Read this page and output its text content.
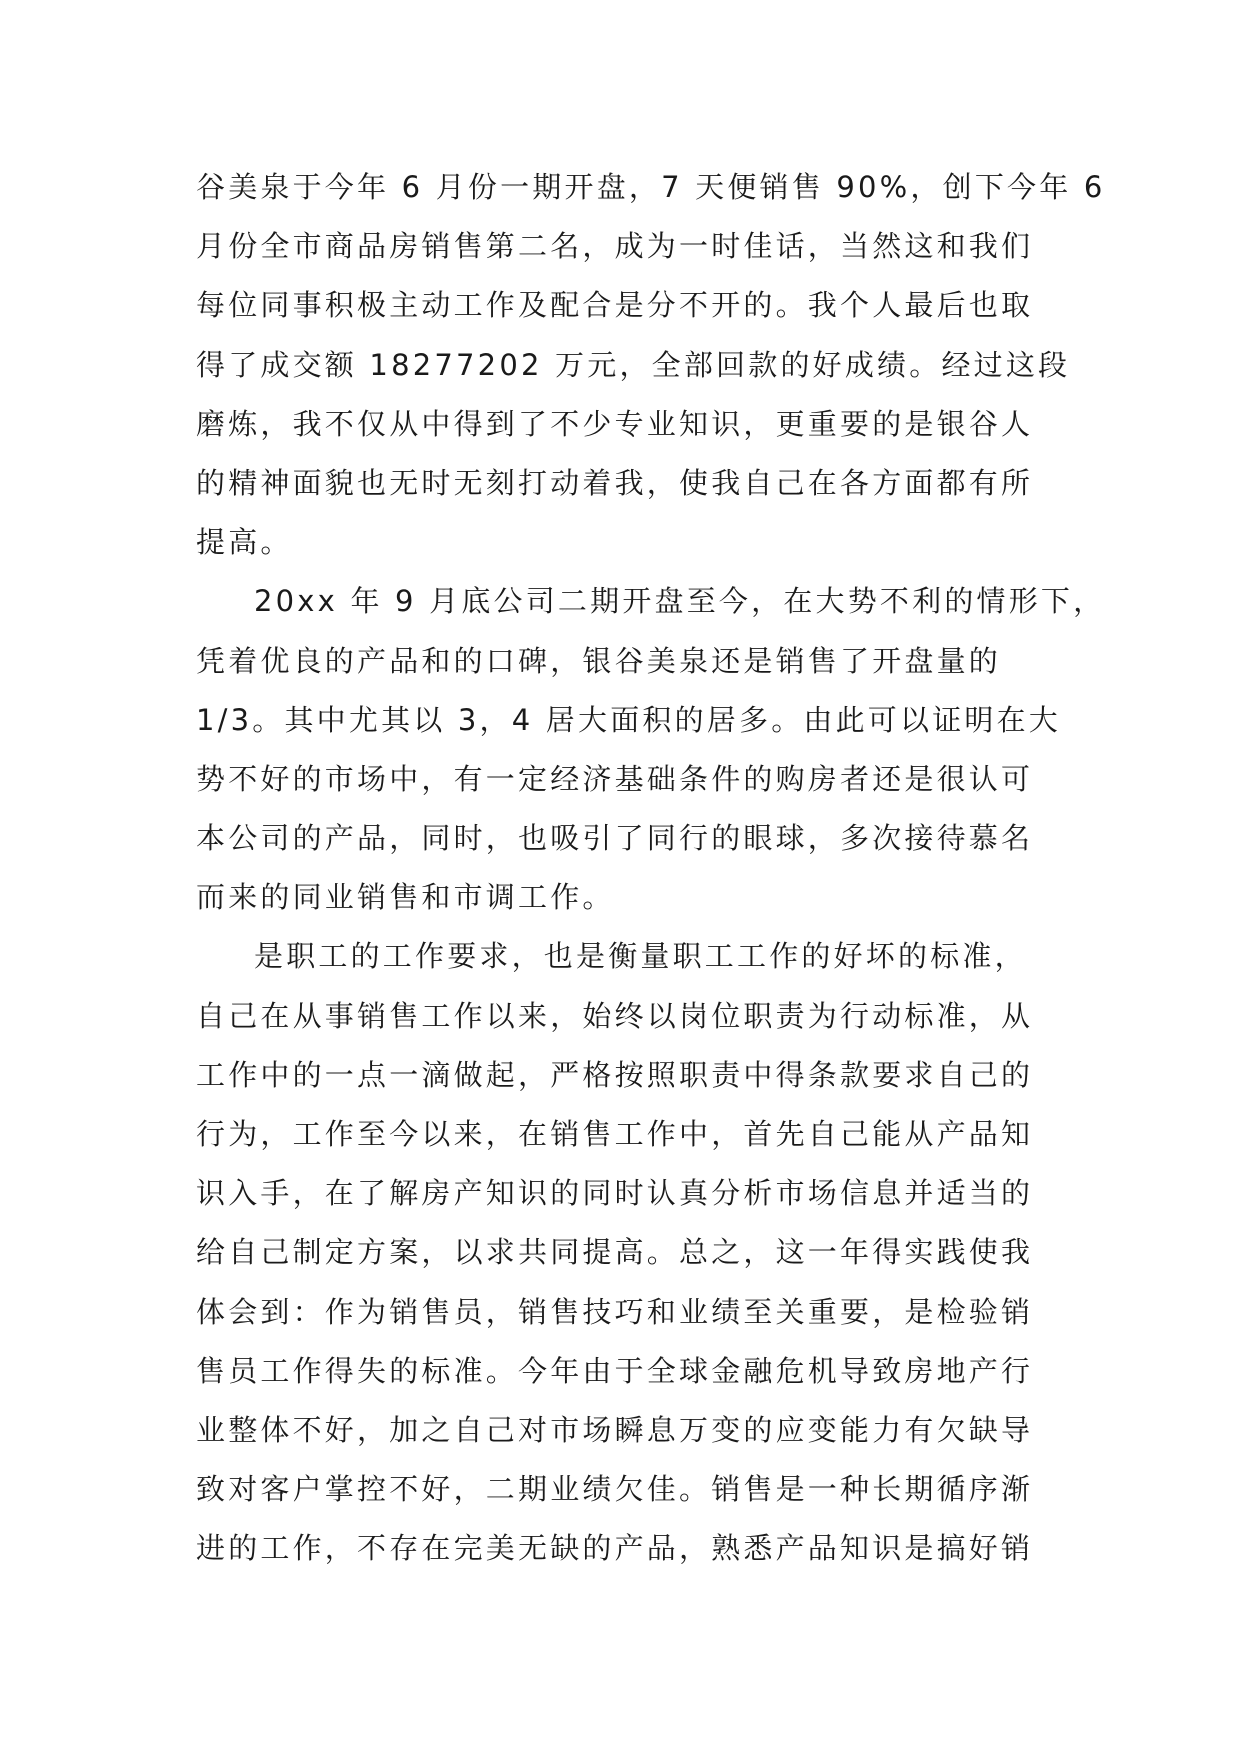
谷美泉于今年 6 月份一期开盘，7 天便销售 90%，创下今年 6
月份全市商品房销售第二名，成为一时佳话，当然这和我们
每位同事积极主动工作及配合是分不开的。我个人最后也取
得了成交额 18277202 万元，全部回款的好成绩。经过这段
磨炼，我不仅从中得到了不少专业知识，更重要的是银谷人
的精神面貌也无时无刻打动着我，使我自己在各方面都有所
提高。
20xx 年 9 月底公司二期开盘至今，在大势不利的情形下，
凭着优良的产品和的口碑，银谷美泉还是销售了开盘量的
1/3。其中尤其以 3，4 居大面积的居多。由此可以证明在大
势不好的市场中，有一定经济基础条件的购房者还是很认可
本公司的产品，同时，也吸引了同行的眼球，多次接待慕名
而来的同业销售和市调工作。
是职工的工作要求，也是衡量职工工作的好坏的标准，
自己在从事销售工作以来，始终以岗位职责为行动标准，从
工作中的一点一滴做起，严格按照职责中得条款要求自己的
行为，工作至今以来，在销售工作中，首先自己能从产品知
识入手，在了解房产知识的同时认真分析市场信息并适当的
给自己制定方案，以求共同提高。总之，这一年得实践使我
体会到：作为销售员，销售技巧和业绩至关重要，是检验销
售员工作得失的标准。今年由于全球金融危机导致房地产行
业整体不好，加之自己对市场瞬息万变的应变能力有欠缺导
致对客户掌控不好，二期业绩欠佳。销售是一种长期循序渐
进的工作，不存在完美无缺的产品，熟悉产品知识是搞好销
